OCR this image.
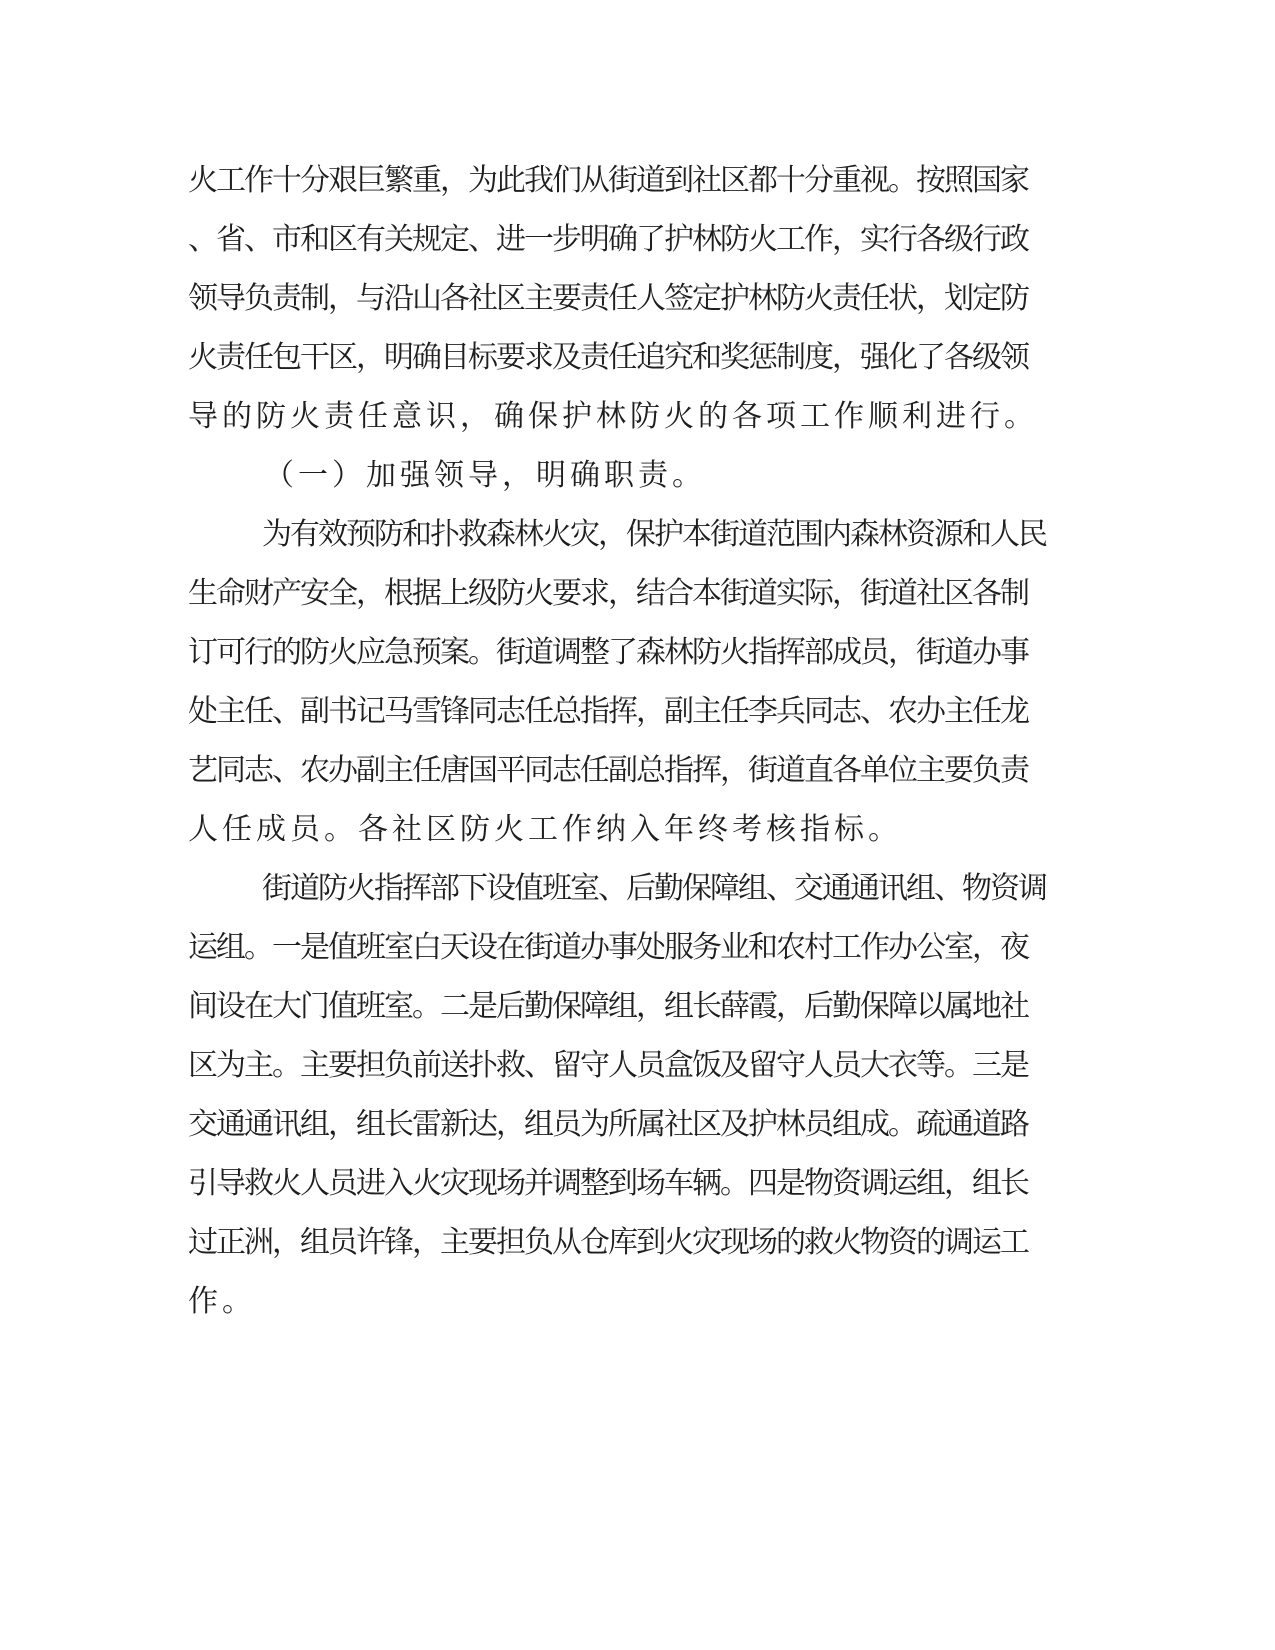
火工作十分艰巨繁重，为此我们从街道到社区都十分重视。按照国家

、省、市和区有关规定、进一步明确了护林防火工作，实行各级行政

领导负责制，与沿山各社区主要责任人签定护林防火责任状，划定防

火责任包干区，明确目标要求及责任追究和奖惩制度，强化了各级领

导的防火责任意识，确保护林防火的各项工作顺利进行。

（一）加强领导，明确职责。

为有效预防和扑救森林火灾，保护本街道范围内森林资源和人民

生命财产安全，根据上级防火要求，结合本街道实际，街道社区各制

订可行的防火应急预案。街道调整了森林防火指挥部成员，街道办事

处主任、副书记马雪锋同志任总指挥，副主任李兵同志、农办主任龙

艺同志、农办副主任唐国平同志任副总指挥，街道直各单位主要负责

人任成员。各社区防火工作纳入年终考核指标。

街道防火指挥部下设值班室、后勤保障组、交通通讯组、物资调

运组。一是值班室白天设在街道办事处服务业和农村工作办公室，夜

间设在大门值班室。二是后勤保障组，组长薛霞，后勤保障以属地社

区为主。主要担负前送扑救、留守人员盒饭及留守人员大衣等。三是

交通通讯组，组长雷新达，组员为所属社区及护林员组成。疏通道路

引导救火人员进入火灾现场并调整到场车辆。四是物资调运组，组长

过正洲，组员许锋，主要担负从仓库到火灾现场的救火物资的调运工

作。
